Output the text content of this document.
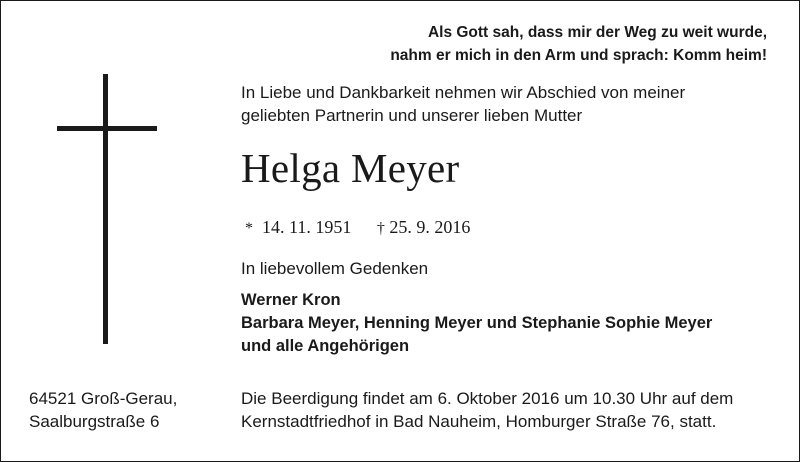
Als Gott sah, dass mir der Weg zu weit wurde,
nahm er mich in den Arm und sprach: Komm heim!
In Liebe und Dankbarkeit nehmen wir Abschied von meiner
geliebten Partnerin und unserer lieben Mutter
Helga Meyer
* 14. 11. 1951 † 25. 9. 2016
In liebevollem Gedenken
Werner Kron
Barbara Meyer, Henning Meyer und Stephanie Sophie Meyer
und alle Angehörigen
64521 Groß-Gerau,
Saalburgstraße 6
Die Beerdigung findet am 6. Oktober 2016 um 10.30 Uhr auf dem
Kernstadtfriedhof in Bad Nauheim, Homburger Straße 76, statt.
